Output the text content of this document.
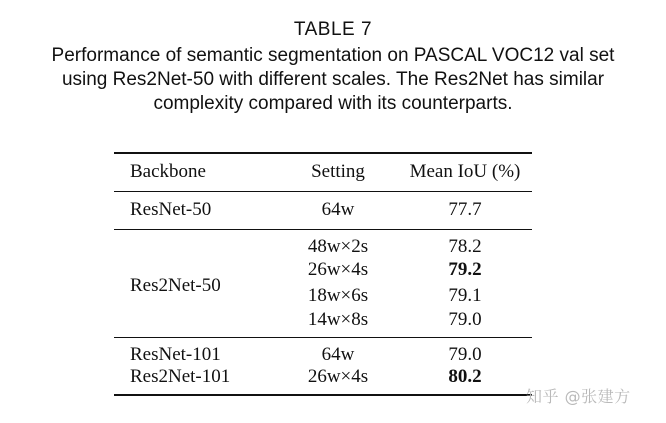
TABLE 7
Performance of semantic segmentation on PASCAL VOC12 val set
using Res2Net-50 with different scales. The Res2Net has similar
complexity compared with its counterparts.
Backbone	Setting	Mean IoU (%)
ResNet-50	64w	77.7
Res2Net-50	48w×2s	78.2
	26w×4s	79.2
	18w×6s	79.1
	14w×8s	79.0
ResNet-101	64w	79.0
Res2Net-101	26w×4s	80.2
知乎 @张建方
